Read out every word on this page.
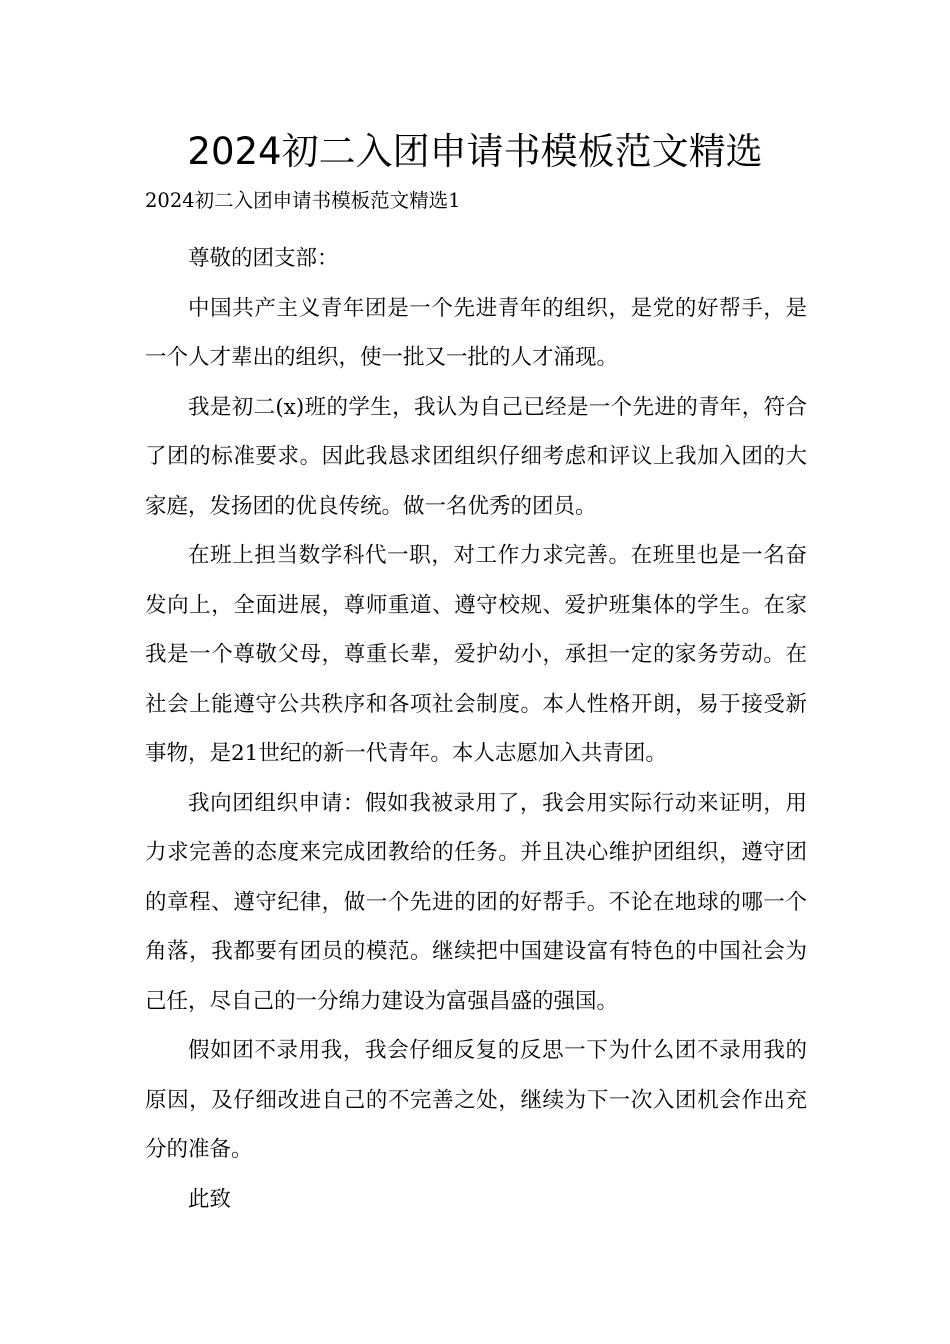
2024初二入团申请书模板范文精选

2024初二入团申请书模板范文精选1

尊敬的团支部：

中国共产主义青年团是一个先进青年的组织，是党的好帮手，是一个人才辈出的组织，使一批又一批的人才涌现。

我是初二(x)班的学生，我认为自己已经是一个先进的青年，符合了团的标准要求。因此我恳求团组织仔细考虑和评议上我加入团的大家庭，发扬团的优良传统。做一名优秀的团员。

在班上担当数学科代一职，对工作力求完善。在班里也是一名奋发向上，全面进展，尊师重道、遵守校规、爱护班集体的学生。在家我是一个尊敬父母，尊重长辈，爱护幼小，承担一定的家务劳动。在社会上能遵守公共秩序和各项社会制度。本人性格开朗，易于接受新事物，是21世纪的新一代青年。本人志愿加入共青团。

我向团组织申请：假如我被录用了，我会用实际行动来证明，用力求完善的态度来完成团教给的任务。并且决心维护团组织，遵守团的章程、遵守纪律，做一个先进的团的好帮手。不论在地球的哪一个角落，我都要有团员的模范。继续把中国建设富有特色的中国社会为己任，尽自己的一分绵力建设为富强昌盛的强国。

假如团不录用我，我会仔细反复的反思一下为什么团不录用我的原因，及仔细改进自己的不完善之处，继续为下一次入团机会作出充分的准备。

此致
